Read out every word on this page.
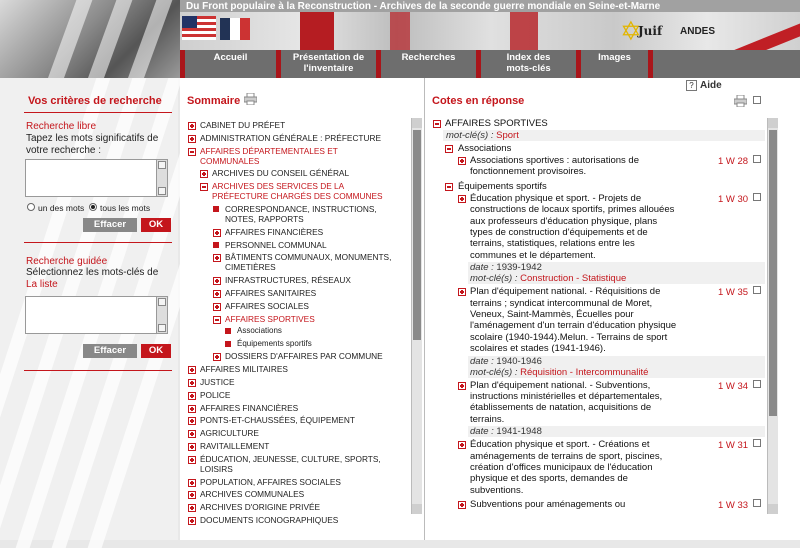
✡
Juif ANDES
Du Front populaire à la Reconstruction - Archives de la seconde guerre mondiale en Seine-et-Marne
Accueil	Présentation de l'inventaire
Recherches	Index des mots-clés
Images
Vos critères de recherche
Recherche libre
Tapez les mots significatifs de votre recherche :
un des mots tous les mots
Effacer	OK
Recherche guidée
Sélectionnez les mots-clés de La liste
Effacer	OK
Sommaire
CABINET DU PRÉFET
ADMINISTRATION GÉNÉRALE : PRÉFECTURE
AFFAIRES DÉPARTEMENTALES ET
COMMUNALES
ARCHIVES DU CONSEIL GÉNÉRAL
ARCHIVES DES SERVICES DE LA
PRÉFECTURE CHARGÉS DES COMMUNES
CORRESPONDANCE, INSTRUCTIONS,
NOTES, RAPPORTS
AFFAIRES FINANCIÈRES
PERSONNEL COMMUNAL
BÂTIMENTS COMMUNAUX, MONUMENTS,
CIMETIÈRES
INFRASTRUCTURES, RÉSEAUX
AFFAIRES SANITAIRES
AFFAIRES SOCIALES
AFFAIRES SPORTIVES
Associations
Équipements sportifs
DOSSIERS D'AFFAIRES PAR COMMUNE
AFFAIRES MILITAIRES
JUSTICE
POLICE
AFFAIRES FINANCIÈRES
PONTS-ET-CHAUSSÉES, ÉQUIPEMENT
AGRICULTURE
RAVITAILLEMENT
ÉDUCATION, JEUNESSE, CULTURE, SPORTS,
LOISIRS
POPULATION, AFFAIRES SOCIALES
ARCHIVES COMMUNALES
ARCHIVES D'ORIGINE PRIVÉE
DOCUMENTS ICONOGRAPHIQUES
Cotes en réponse
? Aide
AFFAIRES SPORTIVES
mot-clé(s) : Sport
Associations
Associations sportives : autorisations de
fonctionnement provisoires.
1 W 28
Équipements sportifs
Éducation physique et sport. - Projets de
constructions de locaux sportifs, primes allouées
aux professeurs d'éducation physique, plans
types de construction d'équipements et de
terrains, statistiques, relations entre les
communes et le département.
1 W 30
date : 1939-1942
mot-clé(s) : Construction - Statistique
Plan d'équipement national. - Réquisitions de
terrains ; syndicat intercommunal de Moret,
Veneux, Saint-Mammès, Écuelles pour
l'aménagement d'un terrain d'éducation physique
scolaire (1940-1944).Melun. - Terrains de sport
scolaires et stades (1941-1946).
1 W 35
date : 1940-1946
mot-clé(s) : Réquisition - Intercommunalité
Plan d'équipement national. - Subventions,
instructions ministérielles et départementales,
établissements de natation, acquisitions de
terrains.
1 W 34
date : 1941-1948
Éducation physique et sport. - Créations et
aménagements de terrains de sport, piscines,
création d'offices municipaux de l'éducation
physique et des sports, demandes de
subventions.
1 W 31
Subventions pour aménagements ou	1 W 33
